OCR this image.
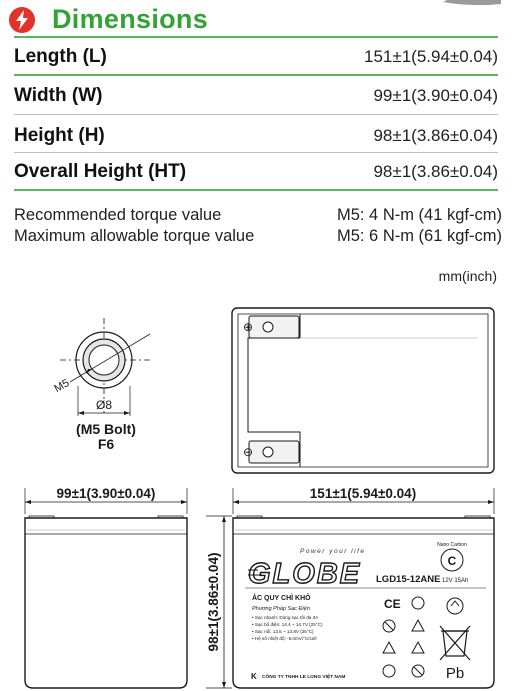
Dimensions
Length (L)	151±1(5.94±0.04)
Width (W)	99±1(3.90±0.04)
Height (H)	98±1(3.86±0.04)
Overall Height (HT)	98±1(3.86±0.04)
Recommended torque value	M5: 4 N-m (41 kgf-cm)
Maximum allowable torque value	M5: 6 N-m (61 kgf-cm)
mm(inch)
M5
Ø8
(M5 Bolt)
F6
⊕
⊖
99±1(3.90±0.04)	151±1(5.94±0.04)
98±1(3.86±0.04)
Power your life
GLOBE	C
Nano Carbon
LGD15-12ANE 12V 15Ah
ẮC QUY CHÌ KHÔ
Phương Pháp Sạc Điện
• Sạc nhanh: Dòng sạc tối đa 3A
• Sạc bổ điện: 14.4 ~ 14.7V (25°C)
• Sạc nổi: 13.5 ~ 13.8V (25°C)
• Hệ số nhiệt độ: -5.0mV/°C/cell
CE
Pb
K CÔNG TY TNHH LE LONG VIỆT NAM
